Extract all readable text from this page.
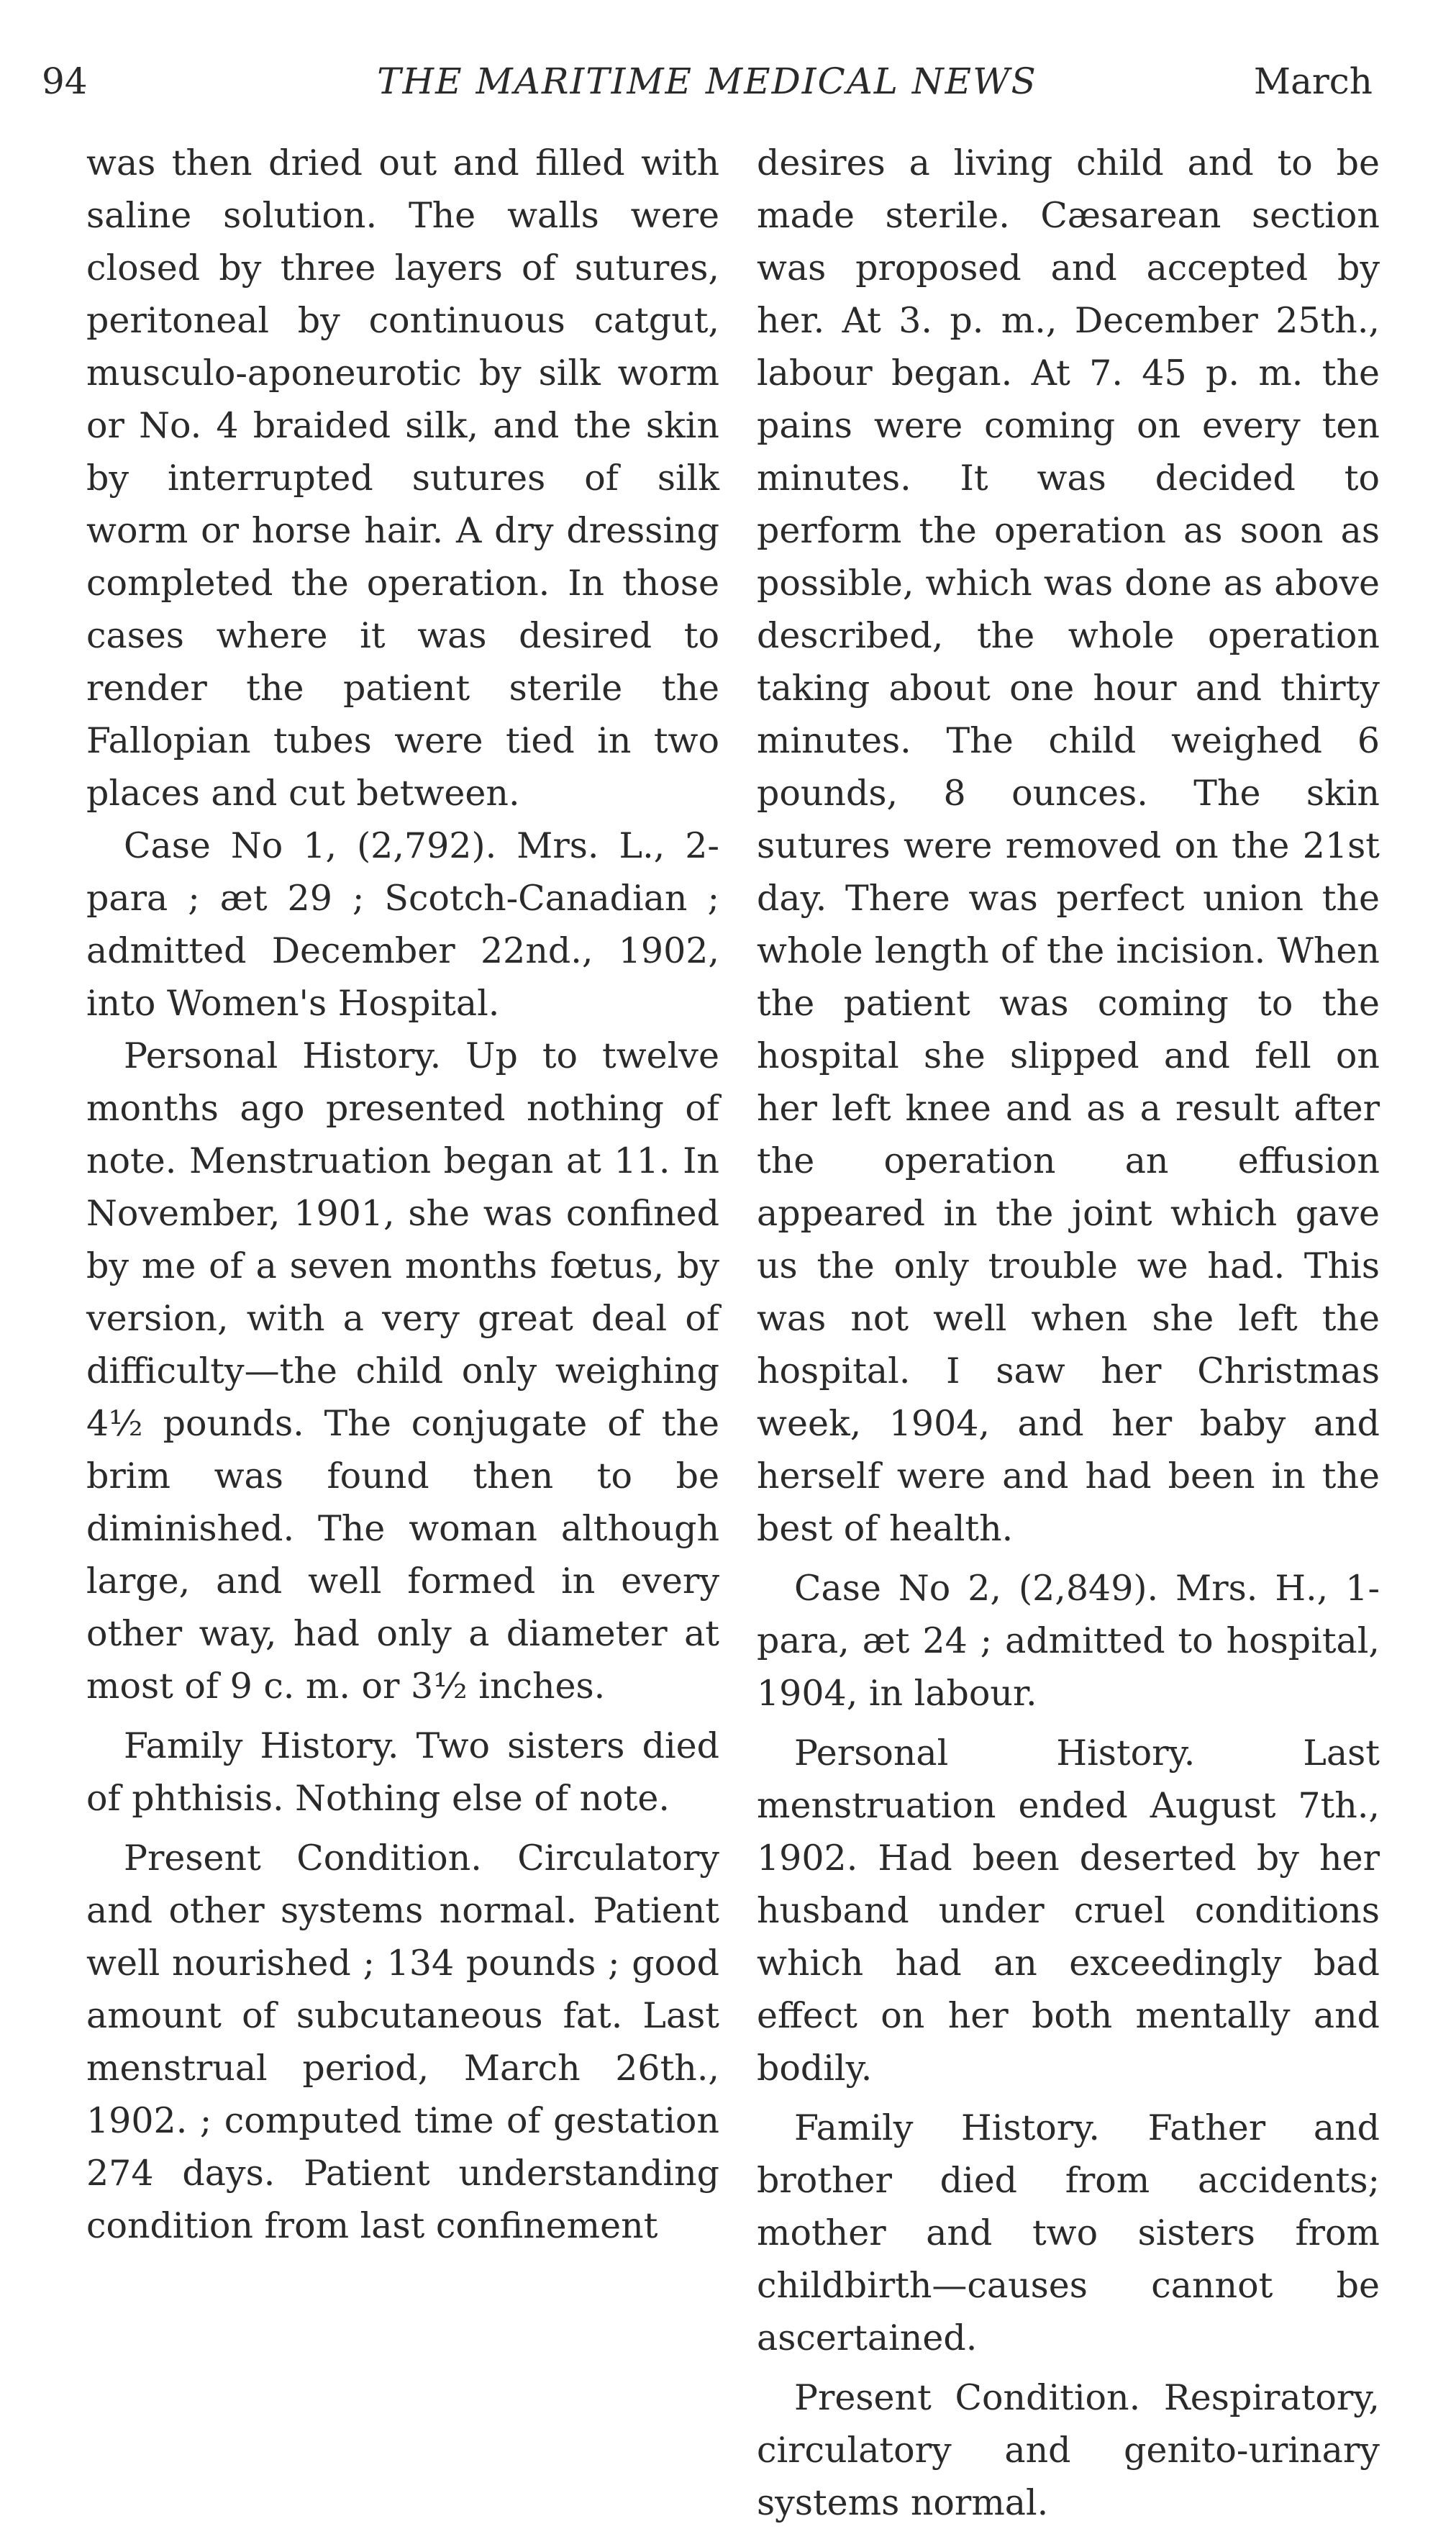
94	THE MARITIME MEDICAL NEWS	March

was then dried out and filled with saline solution. The walls were closed by three layers of sutures, peritoneal by continuous catgut, musculo-aponeurotic by silk worm or No. 4 braided silk, and the skin by interrupted sutures of silk worm or horse hair. A dry dressing completed the operation. In those cases where it was desired to render the patient sterile the Fallopian tubes were tied in two places and cut between.

Case No 1, (2,792). Mrs. L., 2-para ; æt 29 ; Scotch-Canadian ; admitted December 22nd., 1902, into Women's Hospital.

Personal History. Up to twelve months ago presented nothing of note. Menstruation began at 11. In November, 1901, she was confined by me of a seven months fœtus, by version, with a very great deal of difficulty—the child only weighing 4½ pounds. The conjugate of the brim was found then to be diminished. The woman although large, and well formed in every other way, had only a diameter at most of 9 c. m. or 3½ inches.

Family History. Two sisters died of phthisis. Nothing else of note.

Present Condition. Circulatory and other systems normal. Patient well nourished ; 134 pounds ; good amount of subcutaneous fat. Last menstrual period, March 26th., 1902. ; computed time of gestation 274 days. Patient understanding condition from last confinement

desires a living child and to be made sterile. Cæsarean section was proposed and accepted by her. At 3. p. m., December 25th., labour began. At 7. 45 p. m. the pains were coming on every ten minutes. It was decided to perform the operation as soon as possible, which was done as above described, the whole operation taking about one hour and thirty minutes. The child weighed 6 pounds, 8 ounces. The skin sutures were removed on the 21st day. There was perfect union the whole length of the incision. When the patient was coming to the hospital she slipped and fell on her left knee and as a result after the operation an effusion appeared in the joint which gave us the only trouble we had. This was not well when she left the hospital. I saw her Christmas week, 1904, and her baby and herself were and had been in the best of health.

Case No 2, (2,849). Mrs. H., 1-para, æt 24 ; admitted to hospital, 1904, in labour.

Personal History. Last menstruation ended August 7th., 1902. Had been deserted by her husband under cruel conditions which had an exceedingly bad effect on her both mentally and bodily.

Family History. Father and brother died from accidents; mother and two sisters from childbirth—causes cannot be ascertained.

Present Condition. Respiratory, circulatory and genito-urinary systems normal.
